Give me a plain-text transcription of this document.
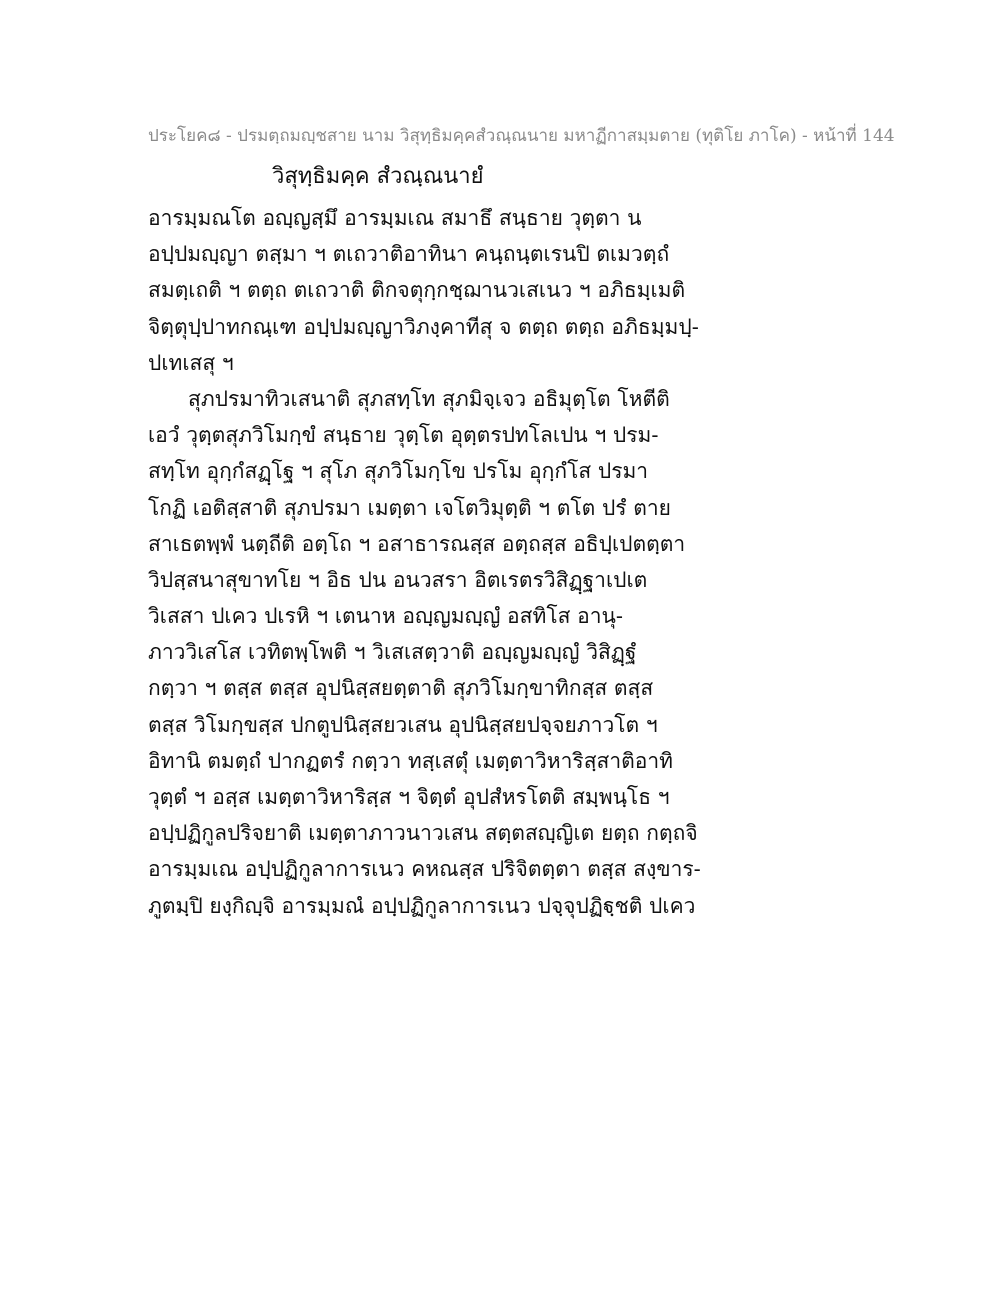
ประโยค๘ - ปรมตฺถมญฺชสาย นาม วิสุทฺธิมคฺคสํวณฺณนาย มหาฏีกาสมฺมตาย (ทุติโย ภาโค) - หน้าที่ 144
วิสุทฺธิมคฺค สํวณฺณนายํ
อารมฺมณโต อญฺญสฺมึ อารมฺมเณ สมาธึ สนฺธาย วุตฺตา น
อปฺปมญฺญา ตสฺมา ฯ ตเถวาติอาทินา คนฺถนฺตเรนปิ ตเมวตฺถํ
สมตฺเถติ ฯ ตตฺถ ตเถวาติ ติกจตุกฺกชฺฌานวเสเนว ฯ อภิธมฺเมติ
จิตฺตุปฺปาทกณฺเฑ อปฺปมญฺญาวิภงฺคาทีสุ จ ตตฺถ ตตฺถ อภิธมฺมปฺ-
ปเทเสสุ ฯ
สุภปรมาทิวเสนาติ สุภสทฺโท สุภมิจฺเจว อธิมุตฺโต โหตีติ
เอวํ วุตฺตสุภวิโมกฺขํ สนฺธาย วุตฺโต อุตฺตรปทโลเปน ฯ ปรม-
สทฺโท อุกฺกํสฏฺโฐ ฯ สุโภ สุภวิโมกฺโข ปรโม อุกฺกํโส ปรมา
โกฏิ เอติสฺสาติ สุภปรมา เมตฺตา เจโตวิมุตฺติ ฯ ตโต ปรํ ตาย
สาเธตพฺพํ นตฺถีติ อตฺโถ ฯ อสาธารณสฺส อตฺถสฺส อธิปฺเปตตฺตา
วิปสฺสนาสุขาทโย ฯ อิธ ปน อนวสรา อิตเรตรวิสิฏฺฐาเปเต
วิเสสา ปเคว ปเรหิ ฯ เตนาห อญฺญมญฺญํ อสทิโส อานุ-
ภาววิเสโส เวทิตพฺโพติ ฯ วิเสเสตฺวาติ อญฺญมญฺญํ วิสิฏฺฐํ
กตฺวา ฯ ตสฺส ตสฺส อุปนิสฺสยตฺตาติ สุภวิโมกฺขาทิกสฺส ตสฺส
ตสฺส วิโมกฺขสฺส ปกตูปนิสฺสยวเสน อุปนิสฺสยปจฺจยภาวโต ฯ
อิทานิ ตมตฺถํ ปากฏตรํ กตฺวา ทสฺเสตุํ เมตฺตาวิหาริสฺสาติอาทิ
วุตฺตํ ฯ อสฺส เมตฺตาวิหาริสฺส ฯ จิตฺตํ อุปสํหรโตติ สมฺพนฺโธ ฯ
อปฺปฏิกูลปริจยาติ เมตฺตาภาวนาวเสน สตฺตสญฺญิเต ยตฺถ กตฺถจิ
อารมฺมเณ อปฺปฏิกูลาการเนว คหณสฺส ปริจิตตฺตา ตสฺส สงฺขาร-
ภูตมฺปิ ยงฺกิญฺจิ อารมฺมณํ อปฺปฏิกูลาการเนว ปจฺจุปฏิฐฺชติ ปเคว
